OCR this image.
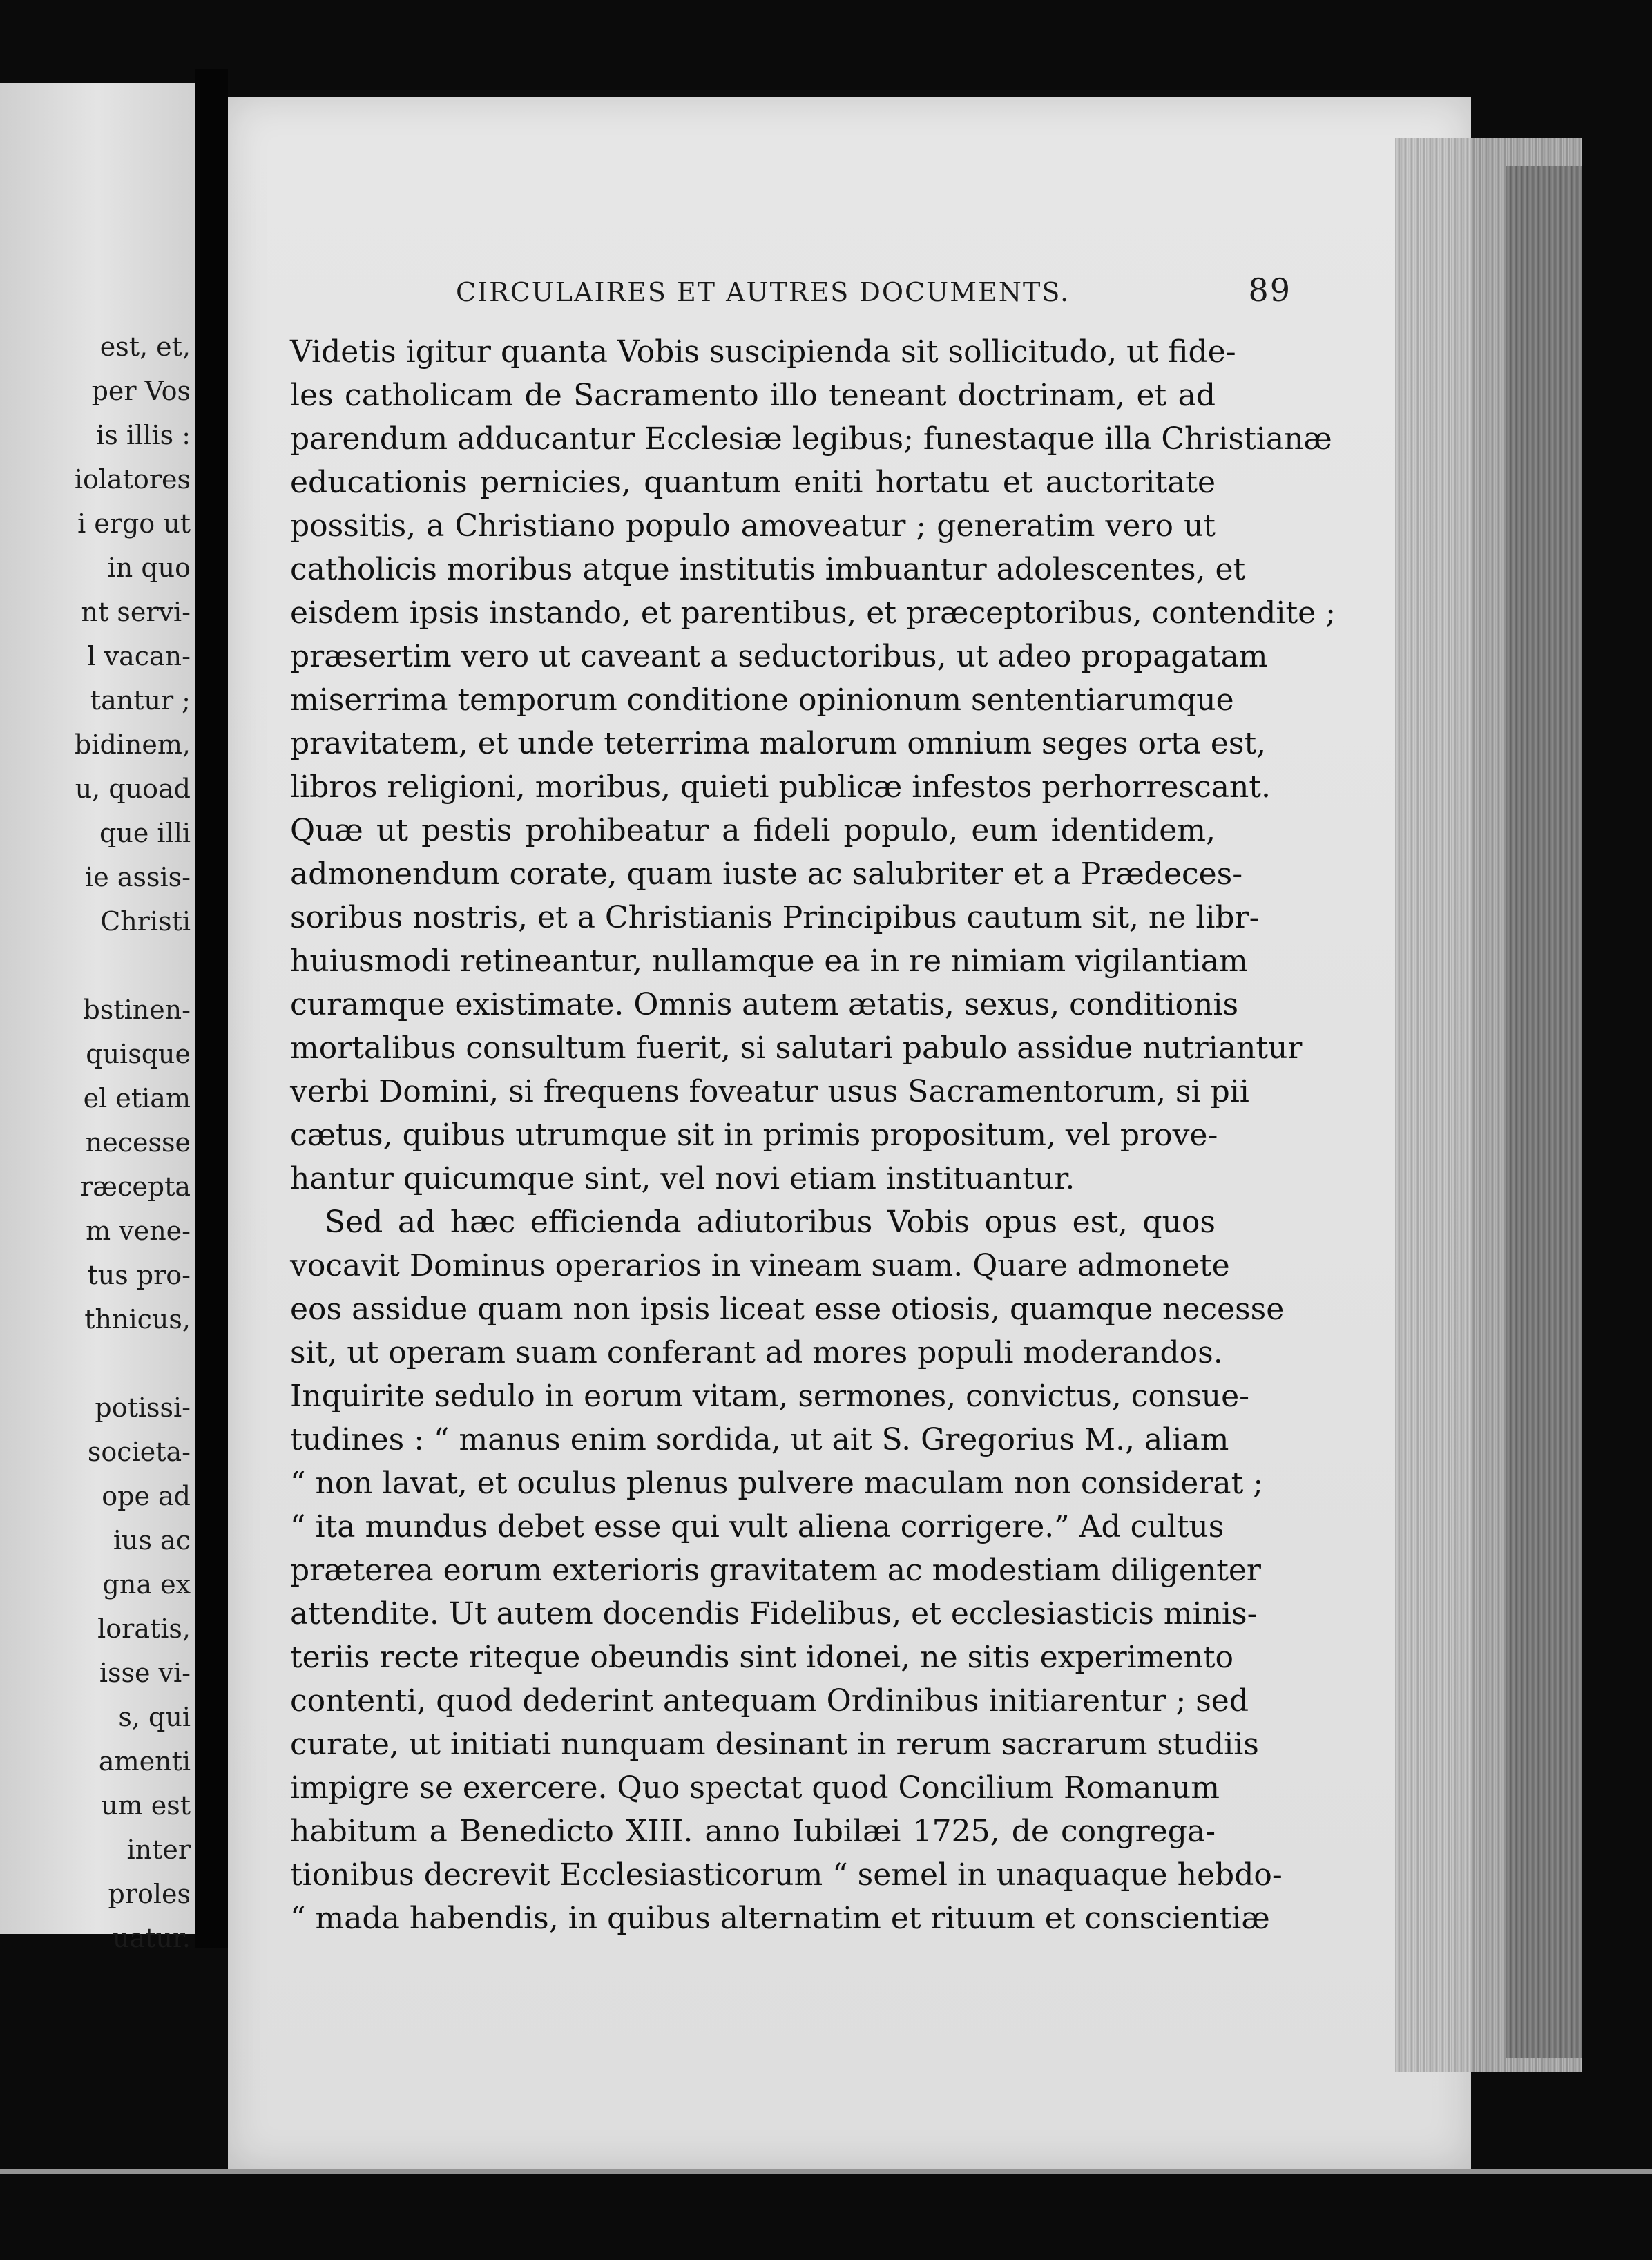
est, et,
per Vos
is illis :
iolatores
i ergo ut
in quo
nt servi-
l vacan-
tantur ;
bidinem,
u, quoad
que illi
ie assis-
Christi
bstinen-
quisque
el etiam
necesse
ræcepta
m vene-
tus pro-
thnicus,
potissi-
societa-
ope ad
ius ac
gna ex
loratis,
isse vi-
s, qui
amenti
um est
inter
proles
uatur.
CIRCULAIRES ET AUTRES DOCUMENTS.	89
Videtis igitur quanta Vobis suscipienda sit sollicitudo, ut fide-
les catholicam de Sacramento illo teneant doctrinam, et ad
parendum adducantur Ecclesiæ legibus; funestaque illa Christianæ
educationis pernicies, quantum eniti hortatu et auctoritate
possitis, a Christiano populo amoveatur ; generatim vero ut
catholicis moribus atque institutis imbuantur adolescentes, et
eisdem ipsis instando, et parentibus, et præceptoribus, contendite ;
præsertim vero ut caveant a seductoribus, ut adeo propagatam
miserrima temporum conditione opinionum sententiarumque
pravitatem, et unde teterrima malorum omnium seges orta est,
libros religioni, moribus, quieti publicæ infestos perhorrescant.
Quæ ut pestis prohibeatur a fideli populo, eum identidem,
admonendum corate, quam iuste ac salubriter et a Prædeces-
soribus nostris, et a Christianis Principibus cautum sit, ne libr-
huiusmodi retineantur, nullamque ea in re nimiam vigilantiam
curamque existimate. Omnis autem ætatis, sexus, conditionis
mortalibus consultum fuerit, si salutari pabulo assidue nutriantur
verbi Domini, si frequens foveatur usus Sacramentorum, si pii
cætus, quibus utrumque sit in primis propositum, vel prove-
hantur quicumque sint, vel novi etiam instituantur.
Sed ad hæc efficienda adiutoribus Vobis opus est, quos
vocavit Dominus operarios in vineam suam. Quare admonete
eos assidue quam non ipsis liceat esse otiosis, quamque necesse
sit, ut operam suam conferant ad mores populi moderandos.
Inquirite sedulo in eorum vitam, sermones, convictus, consue-
tudines : “ manus enim sordida, ut ait S. Gregorius M., aliam
“ non lavat, et oculus plenus pulvere maculam non considerat ;
“ ita mundus debet esse qui vult aliena corrigere.” Ad cultus
præterea eorum exterioris gravitatem ac modestiam diligenter
attendite. Ut autem docendis Fidelibus, et ecclesiasticis minis-
teriis recte riteque obeundis sint idonei, ne sitis experimento
contenti, quod dederint antequam Ordinibus initiarentur ; sed
curate, ut initiati nunquam desinant in rerum sacrarum studiis
impigre se exercere. Quo spectat quod Concilium Romanum
habitum a Benedicto XIII. anno Iubilæi 1725, de congrega-
tionibus decrevit Ecclesiasticorum “ semel in unaquaque hebdo-
“ mada habendis, in quibus alternatim et rituum et conscientiæ
